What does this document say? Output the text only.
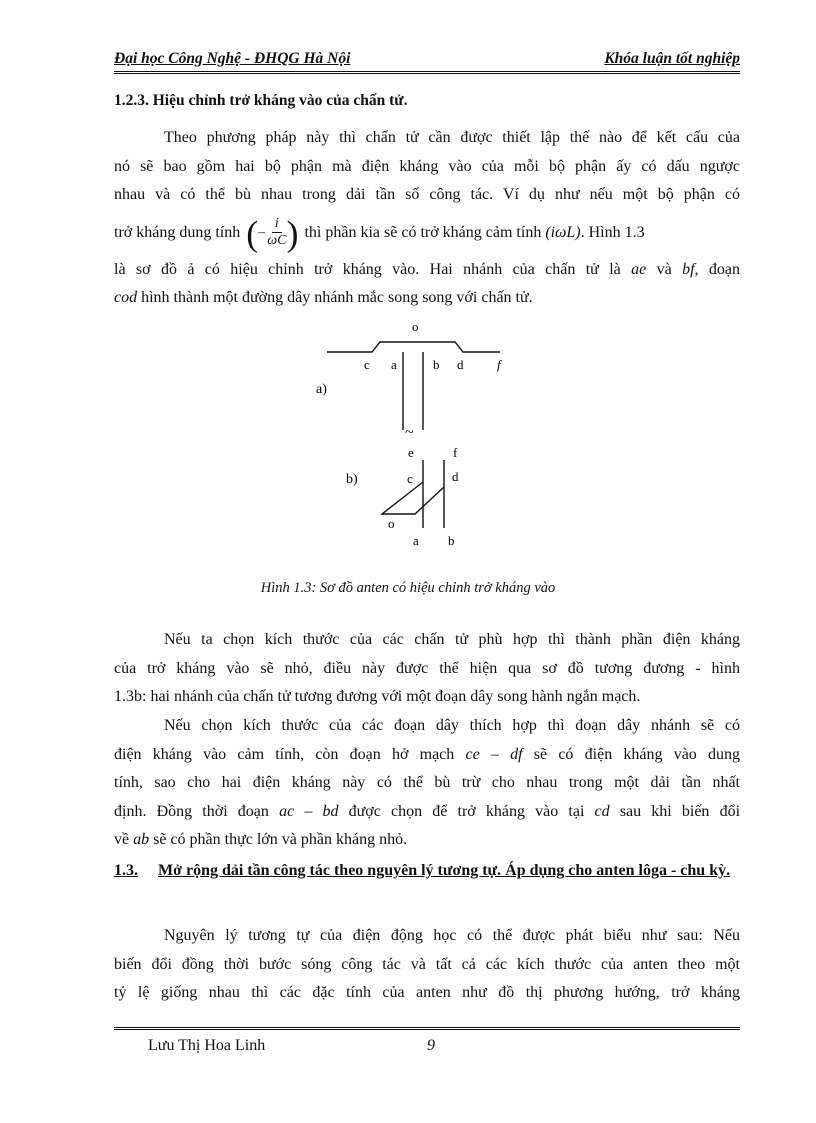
Đại học Công Nghệ - ĐHQG Hà Nội	Khóa luận tốt nghiệp
1.2.3. Hiệu chỉnh trở kháng vào của chấn tử.
Theo phương pháp này thì chấn tử cần được thiết lập thế nào để kết cấu của
nó sẽ bao gồm hai bộ phận mà điện kháng vào của mỗi bộ phận ấy có dấu ngược
nhau và có thể bù nhau trong dải tần số công tác. Ví dụ như nếu một bộ phận có
trở kháng dung tính (– $\frac{i}{\omega C}$ ) thì phần kia sẽ có trở kháng cảm tính (iωL). Hình 1.3
là sơ đồ ả có hiệu chỉnh trở kháng vào. Hai nhánh của chấn tử là ae và bf, đoạn
cod hình thành một đường dây nhánh mắc song song với chấn tử.
o
c a	b d	f
a)
~
e	f
c	d
b)
o
a b
Hình 1.3: Sơ đồ anten có hiệu chỉnh trở kháng vào
Nếu ta chọn kích thước của các chấn tử phù hợp thì thành phần điện kháng
của trở kháng vào sẽ nhỏ, điều này được thể hiện qua sơ đồ tương đương - hình
1.3b: hai nhánh của chấn tử tương đương với một đoạn dây song hành ngắn mạch.
Nếu chọn kích thước của các đoạn dây thích hợp thì đoạn dây nhánh sẽ có
điện kháng vào cảm tính, còn đoạn hở mạch ce – df sẽ có điện kháng vào dung
tính, sao cho hai điện kháng này có thể bù trừ cho nhau trong một dải tần nhất
định. Đồng thời đoạn ac – bd được chọn để trở kháng vào tại cd sau khi biến đổi
về ab sẽ có phần thực lớn và phần kháng nhỏ.
1.3. Mở rộng dải tần công tác theo nguyên lý tương tự. Áp dụng cho anten lôga - chu kỳ.
Nguyên lý tương tự của điện động học có thể được phát biểu như sau: Nếu
biến đổi đồng thời bước sóng công tác và tất cả các kích thước của anten theo một
tỷ lệ giống nhau thì các đặc tính của anten như đồ thị phương hướng, trở kháng
Lưu Thị Hoa Linh	9
